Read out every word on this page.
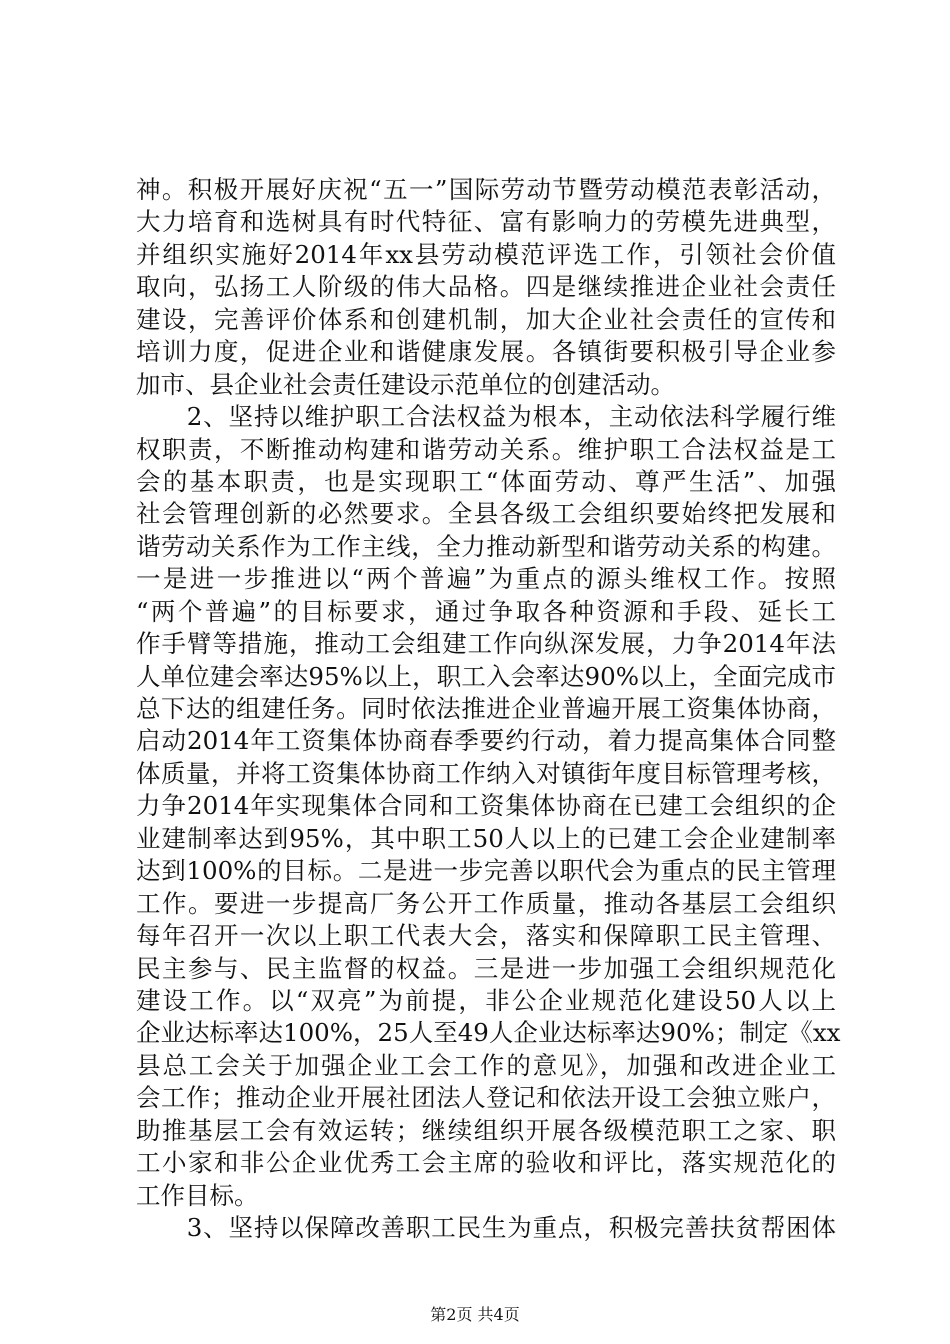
神。积极开展好庆祝“五一”国际劳动节暨劳动模范表彰活动，
大力培育和选树具有时代特征、富有影响力的劳模先进典型，
并组织实施好2014年xx县劳动模范评选工作，引领社会价值
取向，弘扬工人阶级的伟大品格。四是继续推进企业社会责任
建设，完善评价体系和创建机制，加大企业社会责任的宣传和
培训力度，促进企业和谐健康发展。各镇街要积极引导企业参
加市、县企业社会责任建设示范单位的创建活动。
　　2、坚持以维护职工合法权益为根本，主动依法科学履行维
权职责，不断推动构建和谐劳动关系。维护职工合法权益是工
会的基本职责，也是实现职工“体面劳动、尊严生活”、加强
社会管理创新的必然要求。全县各级工会组织要始终把发展和
谐劳动关系作为工作主线，全力推动新型和谐劳动关系的构建。
一是进一步推进以“两个普遍”为重点的源头维权工作。按照
“两个普遍”的目标要求，通过争取各种资源和手段、延长工
作手臂等措施，推动工会组建工作向纵深发展，力争2014年法
人单位建会率达95%以上，职工入会率达90%以上，全面完成市
总下达的组建任务。同时依法推进企业普遍开展工资集体协商，
启动2014年工资集体协商春季要约行动，着力提高集体合同整
体质量，并将工资集体协商工作纳入对镇街年度目标管理考核，
力争2014年实现集体合同和工资集体协商在已建工会组织的企
业建制率达到95%，其中职工50人以上的已建工会企业建制率
达到100%的目标。二是进一步完善以职代会为重点的民主管理
工作。要进一步提高厂务公开工作质量，推动各基层工会组织
每年召开一次以上职工代表大会，落实和保障职工民主管理、
民主参与、民主监督的权益。三是进一步加强工会组织规范化
建设工作。以“双亮”为前提，非公企业规范化建设50人以上
企业达标率达100%，25人至49人企业达标率达90%；制定《xx
县总工会关于加强企业工会工作的意见》，加强和改进企业工
会工作；推动企业开展社团法人登记和依法开设工会独立账户，
助推基层工会有效运转；继续组织开展各级模范职工之家、职
工小家和非公企业优秀工会主席的验收和评比，落实规范化的
工作目标。
　　3、坚持以保障改善职工民生为重点，积极完善扶贫帮困体
第2页 共4页
